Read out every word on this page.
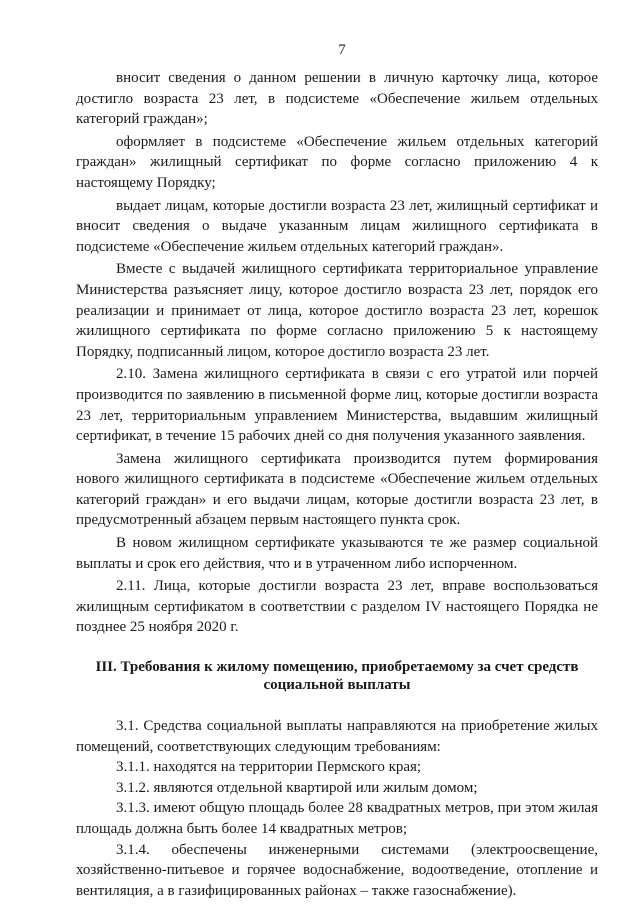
7

вносит сведения о данном решении в личную карточку лица, которое достигло возраста 23 лет, в подсистеме «Обеспечение жильем отдельных категорий граждан»;

оформляет в подсистеме «Обеспечение жильем отдельных категорий граждан» жилищный сертификат по форме согласно приложению 4 к настоящему Порядку;

выдает лицам, которые достигли возраста 23 лет, жилищный сертификат и вносит сведения о выдаче указанным лицам жилищного сертификата в подсистеме «Обеспечение жильем отдельных категорий граждан».

Вместе с выдачей жилищного сертификата территориальное управление Министерства разъясняет лицу, которое достигло возраста 23 лет, порядок его реализации и принимает от лица, которое достигло возраста 23 лет, корешок жилищного сертификата по форме согласно приложению 5 к настоящему Порядку, подписанный лицом, которое достигло возраста 23 лет.

2.10. Замена жилищного сертификата в связи с его утратой или порчей производится по заявлению в письменной форме лиц, которые достигли возраста 23 лет, территориальным управлением Министерства, выдавшим жилищный сертификат, в течение 15 рабочих дней со дня получения указанного заявления.

Замена жилищного сертификата производится путем формирования нового жилищного сертификата в подсистеме «Обеспечение жильем отдельных категорий граждан» и его выдачи лицам, которые достигли возраста 23 лет, в предусмотренный абзацем первым настоящего пункта срок.

В новом жилищном сертификате указываются те же размер социальной выплаты и срок его действия, что и в утраченном либо испорченном.

2.11. Лица, которые достигли возраста 23 лет, вправе воспользоваться жилищным сертификатом в соответствии с разделом IV настоящего Порядка не позднее 25 ноября 2020 г.

III. Требования к жилому помещению, приобретаемому за счет средств
социальной выплаты

3.1. Средства социальной выплаты направляются на приобретение жилых помещений, соответствующих следующим требованиям:

3.1.1. находятся на территории Пермского края;

3.1.2. являются отдельной квартирой или жилым домом;

3.1.3. имеют общую площадь более 28 квадратных метров, при этом жилая площадь должна быть более 14 квадратных метров;

3.1.4. обеспечены инженерными системами (электроосвещение, хозяйственно-питьевое и горячее водоснабжение, водоотведение, отопление и вентиляция, а в газифицированных районах – также газоснабжение).
